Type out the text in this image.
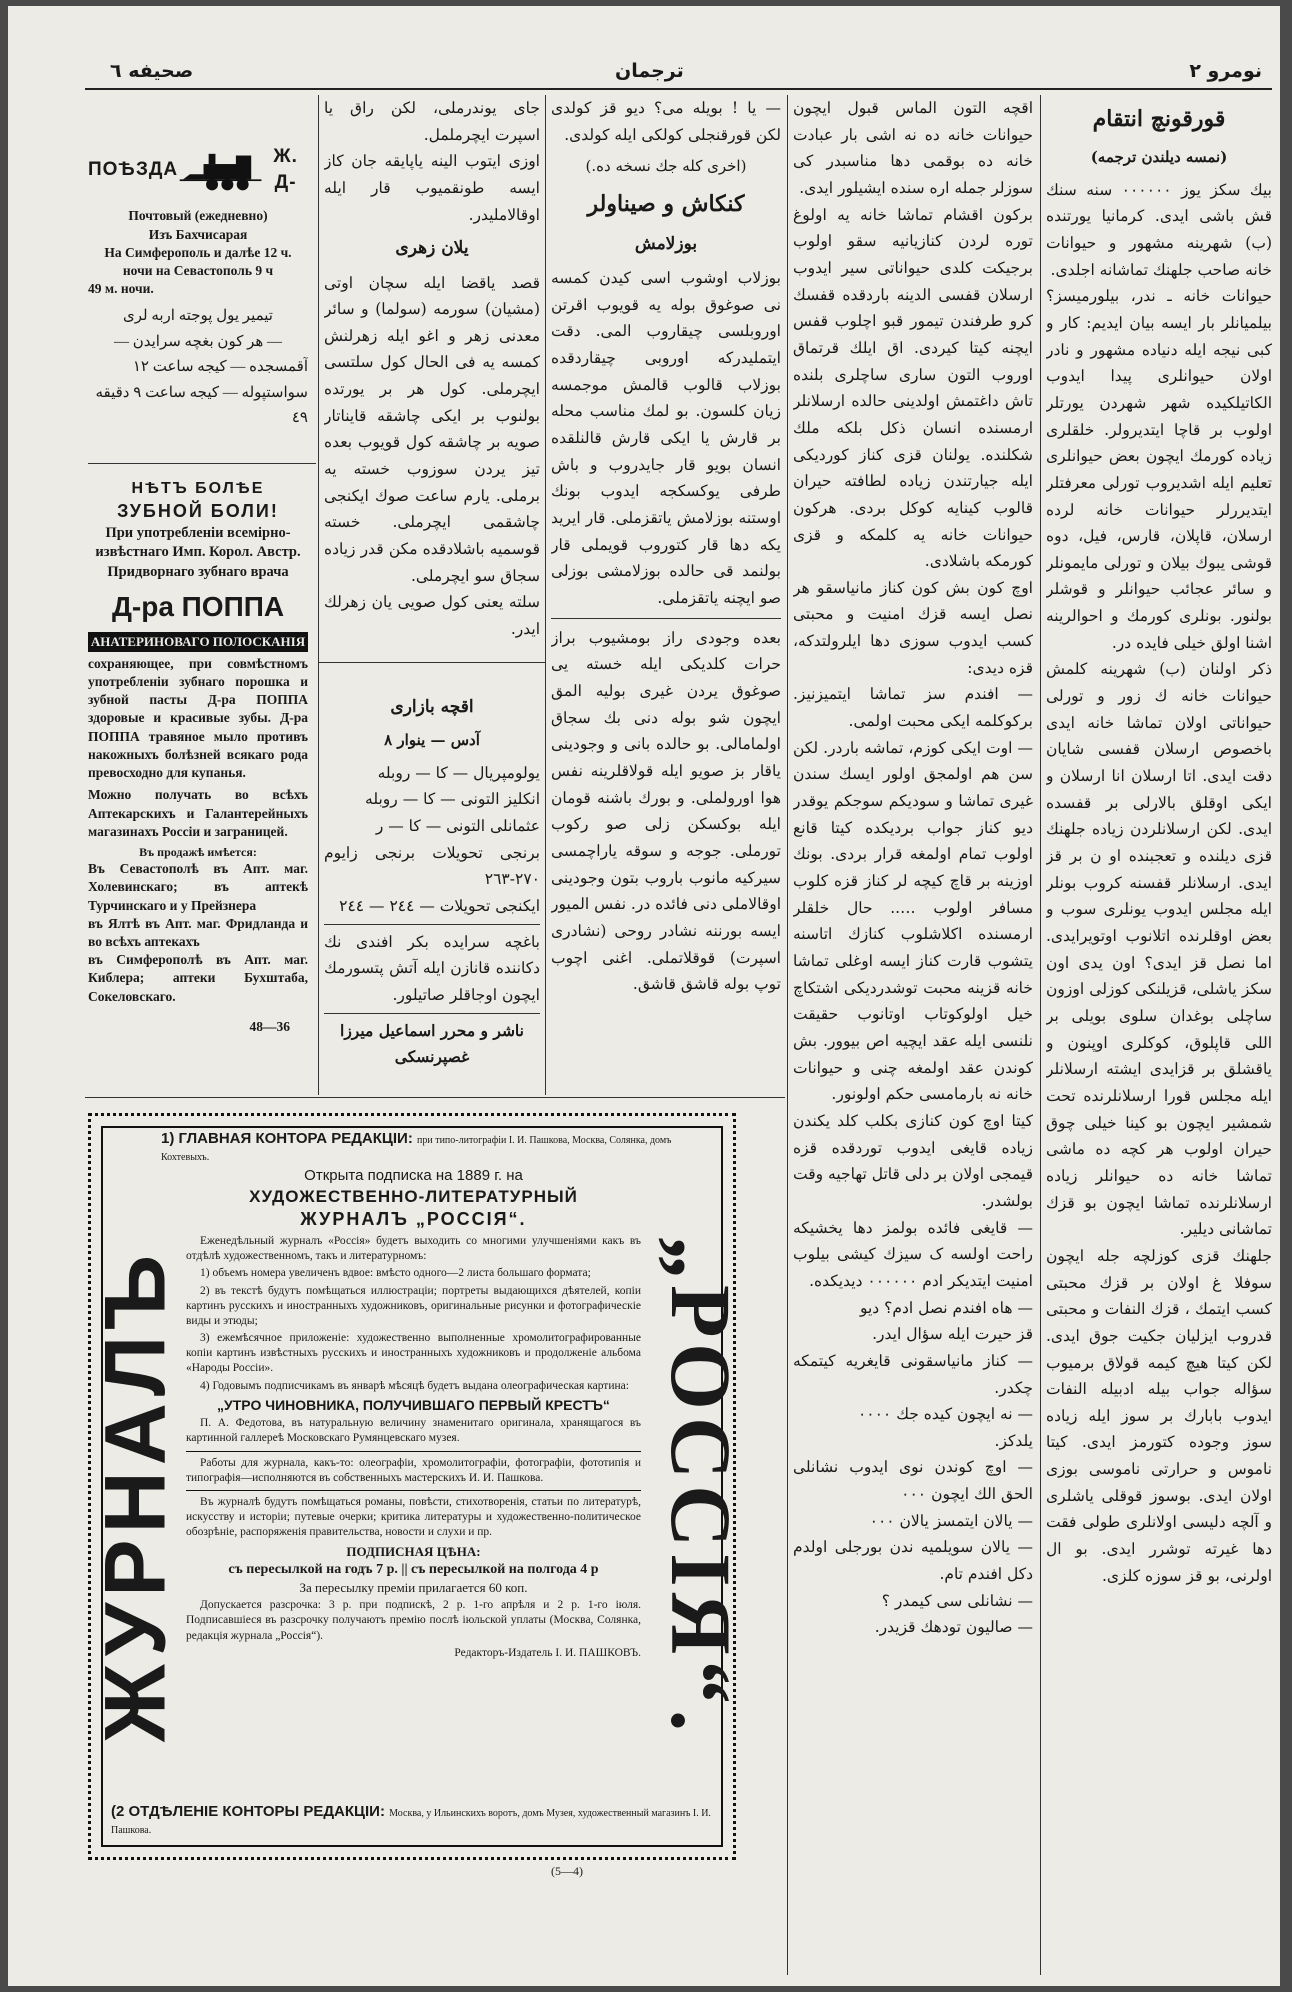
صحیفه ٦	ترجمان	نومرو ٢
ПОѢЗДА
Ж. Д-
Почтовый (ежедневно)
Изъ Бахчисарая
На Симферополь и далѣе 12 ч.
ночи на Севастополь 9 ч
49 м. ночи.
تیمیر یول پوجته اربه لری
— هر کون بغچه سرایدن —
آقمسجده — کیجه ساعت ١٢
سواستپوله — کیجه ساعت ٩ دقیقه ٤٩
НѢТЪ БОЛѢЕ
ЗУБНОЙ БОЛИ!
При употребленіи всемірно-извѣстнаго Имп. Корол. Австр. Придворнаго зубнаго врача
Д-ра ПОППА
АНАТЕРИНОВАГО ПОЛОСКАНІЯ
сохраняющее, при совмѣстномъ употребленіи зубнаго порошка и зубной пасты Д-ра ПОППА здоровые и красивые зубы. Д-ра ПОППА травяное мыло противъ накожныхъ болѣзней всякаго рода превосходно для купанья.
Можно получать во всѣхъ Аптекарскихъ и Галантерейныхъ магазинахъ Россіи и заграницей.
Въ продажѣ имѣется:
Въ Севастополѣ въ Апт. маг. Холевинскаго; въ аптекѣ Турчинскаго и у Прейзнера
въ Ялтѣ въ Апт. маг. Фридланда и во всѣхъ аптекахъ
въ Симферополѣ въ Апт. маг. Киблера; аптеки Бухштаба, Сокеловскаго.
48—36
جای یوندرملی، لکن راق یا اسپرت ایچرململ.
اوزی ایتوب الینه یاپایقه جان کاز ایسه طونقمیوب قار ایله اوقالاملیدر.
یلان زهری
قصد یاقضا ایله سچان اوتی (مشیان) سورمه (سولما) و سائر معدنی زهر و اغو ایله زهرلنش کمسه یه فی الحال کول سلتسی ایچرملی. کول هر بر یورتده بولنوب بر ایکی چاشقه قایناتار صویه بر چاشقه کول قویوب بعده تیز یردن سوزوب خسته یه برملی. یارم ساعت صوك ایکنجی چاشقمی ایچرملی. خسته قوسمیه باشلادقده مکن قدر زیاده سجاق سو ایچرملی.
سلته یعنی کول صویی یان زهرلك ایدر.
اقچه بازاری
آدس — ینوار ٨
یولومپریال — كا — روبله
انکلیز التونی — كا — روبله
عثمانلی التونی — كا — ر
برنجی تحویلات برنجی زایوم ٢٧٠-٢٦٣
ایکنجی تحویلات — ٢٤٤ — ٢٤٤
باغچه سرایده بکر افندی نك دکاننده قانازن ایله آتش پتسورمك ایچون اوجاقلر صاتیلور.
ناشر و محرر اسماعیل میرزا غصپرنسکی
— یا ! بویله می؟ دیو قز کولدی لکن قورقنجلی کولکی ایله کولدی.
(اخری کله جك نسخه ده.)
کنکاش و صیناولر
بوزلامش
بوزلاب اوشوب اسی کیدن کمسه نی صوغوق بوله یه قویوب اقرتن اوروبلسی چیقاروب المی. دقت ایتملیدرکه اوروبی چیقاردقده بوزلاب قالوب قالمش موجمسه زیان کلسون. بو لمك مناسب محله بر قارش یا ایکی قارش قالنلقده انسان بویو قار جایدروب و باش طرفی یوکسکجه ایدوب بونك اوستنه بوزلامش یاتقزملی. قار ایرید یکه دها قار کتوروب قویملی قار بولنمد قی حالده بوزلامشی بوزلی صو ایچنه یاتقزملی.
بعده وجودی راز بومشیوب براز حرات کلدیکی ایله خسته یی صوغوق یردن غیری بولیه المق ایچون شو بوله دنی بك سجاق اولمامالی. بو حالده بانی و وجودینی یاقار بز صویو ایله قولاقلرینه نفس هوا اورولملی. و بورك باشنه قومان ایله بوکسکن زلی صو رکوب تورملی. جوجه و سوقه یاراچمسی سیرکیه مانوب باروب بتون وجودینی اوقالاملی دنی فائده در. نفس المیور ایسه بورننه نشادر روحی (نشادری اسپرت) قوقلاتملی. اغنی اچوب توپ بوله قاشق قاشق.
اقچه التون الماس قبول ایچون حیوانات خانه ده نه اشی بار عبادت خانه ده بوقمی دها مناسبدر کی سوزلر جمله اره سنده ایشیلور ایدی.
برکون اقشام تماشا خانه یه اولوغ توره لردن کنازیانیه سقو اولوب برجیکت کلدی حیواناتی سیر ایدوب ارسلان قفسی الدینه باردقده قفسك کرو طرفندن تیمور قبو اچلوب قفس ایچنه کیتا کیردی. اق ایلك قرتماق اوروب التون ساری ساچلری بلنده تاش داغتمش اولدینی حالده ارسلانلر ارمسنده انسان ذکل بلکه ملك شکلنده. یولنان قزی کناز کوردیکی ایله جیارتندن زیاده لطافته حیران قالوب کینایه کوکل بردی. هرکون حیوانات خانه یه کلمکه و قزی کورمکه باشلادی.
اوچ کون بش کون کناز مانیاسقو هر نصل ایسه قزك امنیت و محبتی کسب ایدوب سوزی دها ایلرولتدکه، قزه دیدی:
— افندم سز تماشا ایتمیزنیز. برکوکلمه ایکی محبت اولمی.
— اوت ایکی کوزم، تماشه باردر. لکن سن هم اولمجق اولور ایسك سندن غیری تماشا و سودیکم سوجکم یوقدر دیو کناز جواب بردیکده کیتا قانع اولوب تمام اولمغه قرار بردی. بونك اوزینه بر قاچ کیچه لر کناز قزه کلوب مسافر اولوب ….. حال خلقلر ارمسنده اکلاشلوب کنازك اتاسنه یتشوب قارت کناز ایسه اوغلی تماشا خانه قزینه محبت توشدردیکی اشتکاچ خیل اولوکوتاب اوتانوب حقیقت نلنسی ایله عقد ایچیه اص بیوور. بش کوندن عقد اولمغه چنی و حیوانات خانه نه بارمامسی حکم اولونور.
کیتا اوچ کون کنازی بکلب کلد یکندن زیاده قایغی ایدوب توردقده قزه قیمجی اولان بر دلی قاتل تهاجیه وقت بولشدر.
— قایغی فائده بولمز دها یخشیکه راحت اولسه ک سیزك کیشی بیلوب امنیت ایتدیکر ادم ٠٠٠٠٠٠ دیدیکده.
— هاه افندم نصل ادم؟ دیو
قز حیرت ایله سؤال ایدر.
— کناز مانیاسقونی قایغریه کیتمکه چکدر.
— نه ایچون کیده جك ٠٠٠٠
یلدکز.
— اوچ کوندن نوی ایدوب نشانلی الحق الك ایچون ٠٠٠
— یالان ایتمسز یالان ٠٠٠
— یالان سویلمیه ندن بورجلی اولدم دکل افندم تام.
— نشانلی سی کیمدر ؟
— صالیون تودهك قزیدر.
قورقونچ انتقام
(نمسه دیلندن ترجمه)
بیك سکز یوز ٠٠٠٠٠٠ سنه سنك قش باشی ایدی. کرمانیا یورتنده (ب) شهرینه مشهور و حیوانات خانه صاحب جلهنك تماشانه اجلدی.
حیوانات خانه ـ ندر، بیلورمیسز؟ بیلمیانلر بار ایسه بیان ایدیم: کار و کبی نیجه ایله دنیاده مشهور و نادر اولان حیوانلری پیدا ایدوب الکاتیلکیده شهر شهردن یورتلر اولوب بر قاچا ایتدیرولر. خلقلری زیاده کورمك ایچون بعض حیوانلری تعلیم ایله اشدیروب تورلی معرفتلر ایتدیررلر حیوانات خانه لرده ارسلان، قاپلان، قارس، فیل، دوه قوشی یبوك بیلان و تورلی مایمونلر و سائر عجائب حیوانلر و قوشلر بولنور. بونلری کورمك و احوالرینه اشنا اولق خیلی فایده در.
ذکر اولنان (ب) شهرینه کلمش حیوانات خانه ك زور و تورلی حیواناتی اولان تماشا خانه ایدی باخصوص ارسلان قفسی شایان دقت ایدی. اتا ارسلان انا ارسلان و ایکی اوقلق بالارلی بر قفسده ایدی. لکن ارسلانلردن زیاده جلهنك قزی دیلنده و تعجبنده او ن بر قز ایدی. ارسلانلر قفسنه کروب بونلر ایله مجلس ایدوب یونلری سوب و بعض اوقلرنده اتلانوب اوتویرایدی. اما نصل قز ایدی؟ اون یدی اون سکز یاشلی، قزیلنکی کوزلی اوزون ساچلی بوغدان سلوی بویلی بر اللی قاپلوق، کوکلری اوپنون و یاقشلق بر قزایدی ایشته ارسلانلر ایله مجلس قورا ارسلانلرنده تحت شمشیر ایچون بو کینا خیلی چوق حیران اولوب هر کچه ده ماشی تماشا خانه ده حیوانلر زیاده ارسلانلرنده تماشا ایچون بو قزك تماشانی دیلیر.
جلهنك قزی کوزلچه جله ایچون سوفلا غ اولان بر قزك محبتی کسب ایتمك ، قزك النفات و محبتی قدروب ایزلیان جکیت جوق ایدی. لکن کیتا هیچ کیمه قولاق برمیوب سؤاله جواب بیله ادبیله النفات ایدوب بابارك بر سوز ایله زیاده سوز وجوده کتورمز ایدی. کیتا ناموس و حرارتی ناموسی بوزی اولان ایدی. بوسوز قوقلی یاشلری و آلچه دلیسی اولانلری طولی فقت دها غیرته توشرر ایدی. بو ال اولرنی، بو قز سوزه کلزی.
1) ГЛАВНАЯ КОНТОРА РЕДАКЦІИ: при типо-литографіи І. И. Пашкова, Москва, Солянка, домъ Кохтевыхъ.
ЖУРНАЛЪ	„РОССІЯ“.
Открыта подписка на 1889 г. на
ХУДОЖЕСТВЕННО-ЛИТЕРАТУРНЫЙ
ЖУРНАЛЪ „РОССІЯ“.

Еженедѣльный журналъ «Россія» будетъ выходить со многими улучшеніями какъ въ отдѣлѣ художественномъ, такъ и литературномъ:

1) объемъ номера увеличенъ вдвое: вмѣсто одного—2 листа большаго формата;

2) въ текстѣ будутъ помѣщаться иллюстраціи; портреты выдающихся дѣятелей, копіи картинъ русскихъ и иностранныхъ художниковъ, оригинальные рисунки и фотографическіе виды и этюды;

3) ежемѣсячное приложеніе: художественно выполненные хромолитографированные копіи картинъ извѣстныхъ русскихъ и иностранныхъ художниковъ и продолженіе альбома «Народы Россіи».

4) Годовымъ подписчикамъ въ январѣ мѣсяцѣ будетъ выдана олеографическая картина:

„УТРО ЧИНОВНИКА, ПОЛУЧИВШАГО ПЕРВЫЙ КРЕСТЪ“

П. А. Федотова, въ натуральную величину знаменитаго оригинала, хранящагося въ картинной галлереѣ Московскаго Румянцевскаго музея.

Работы для журнала, какъ-то: олеографіи, хромолитографіи, фотографіи, фототипія и типографія—исполняются въ собственныхъ мастерскихъ И. И. Пашкова.

Въ журналѣ будутъ помѣщаться романы, повѣсти, стихотворенія, статьи по литературѣ, искусству и исторіи; путевые очерки; критика литературы и художественно-политическое обозрѣніе, распоряженія правительства, новости и слухи и пр.

ПОДПИСНАЯ ЦѢНА:
съ пересылкой на годъ 7 р. || съ пересылкой на полгода 4 р
За пересылку преміи прилагается 60 коп.

Допускается разсрочка: 3 р. при подпискѣ, 2 р. 1-го апрѣля и 2 р. 1-го іюля. Подписавшіеся въ разсрочку получаютъ премію послѣ іюльской уплаты (Москва, Солянка, редакція журнала „Россія“).

Редакторъ-Издатель І. И. ПАШКОВЪ.
(2 ОТДѢЛЕНІЕ КОНТОРЫ РЕДАКЦІИ: Москва, у Ильинскихъ воротъ, домъ Музея, художественный магазинъ І. И. Пашкова.
(5—4)
